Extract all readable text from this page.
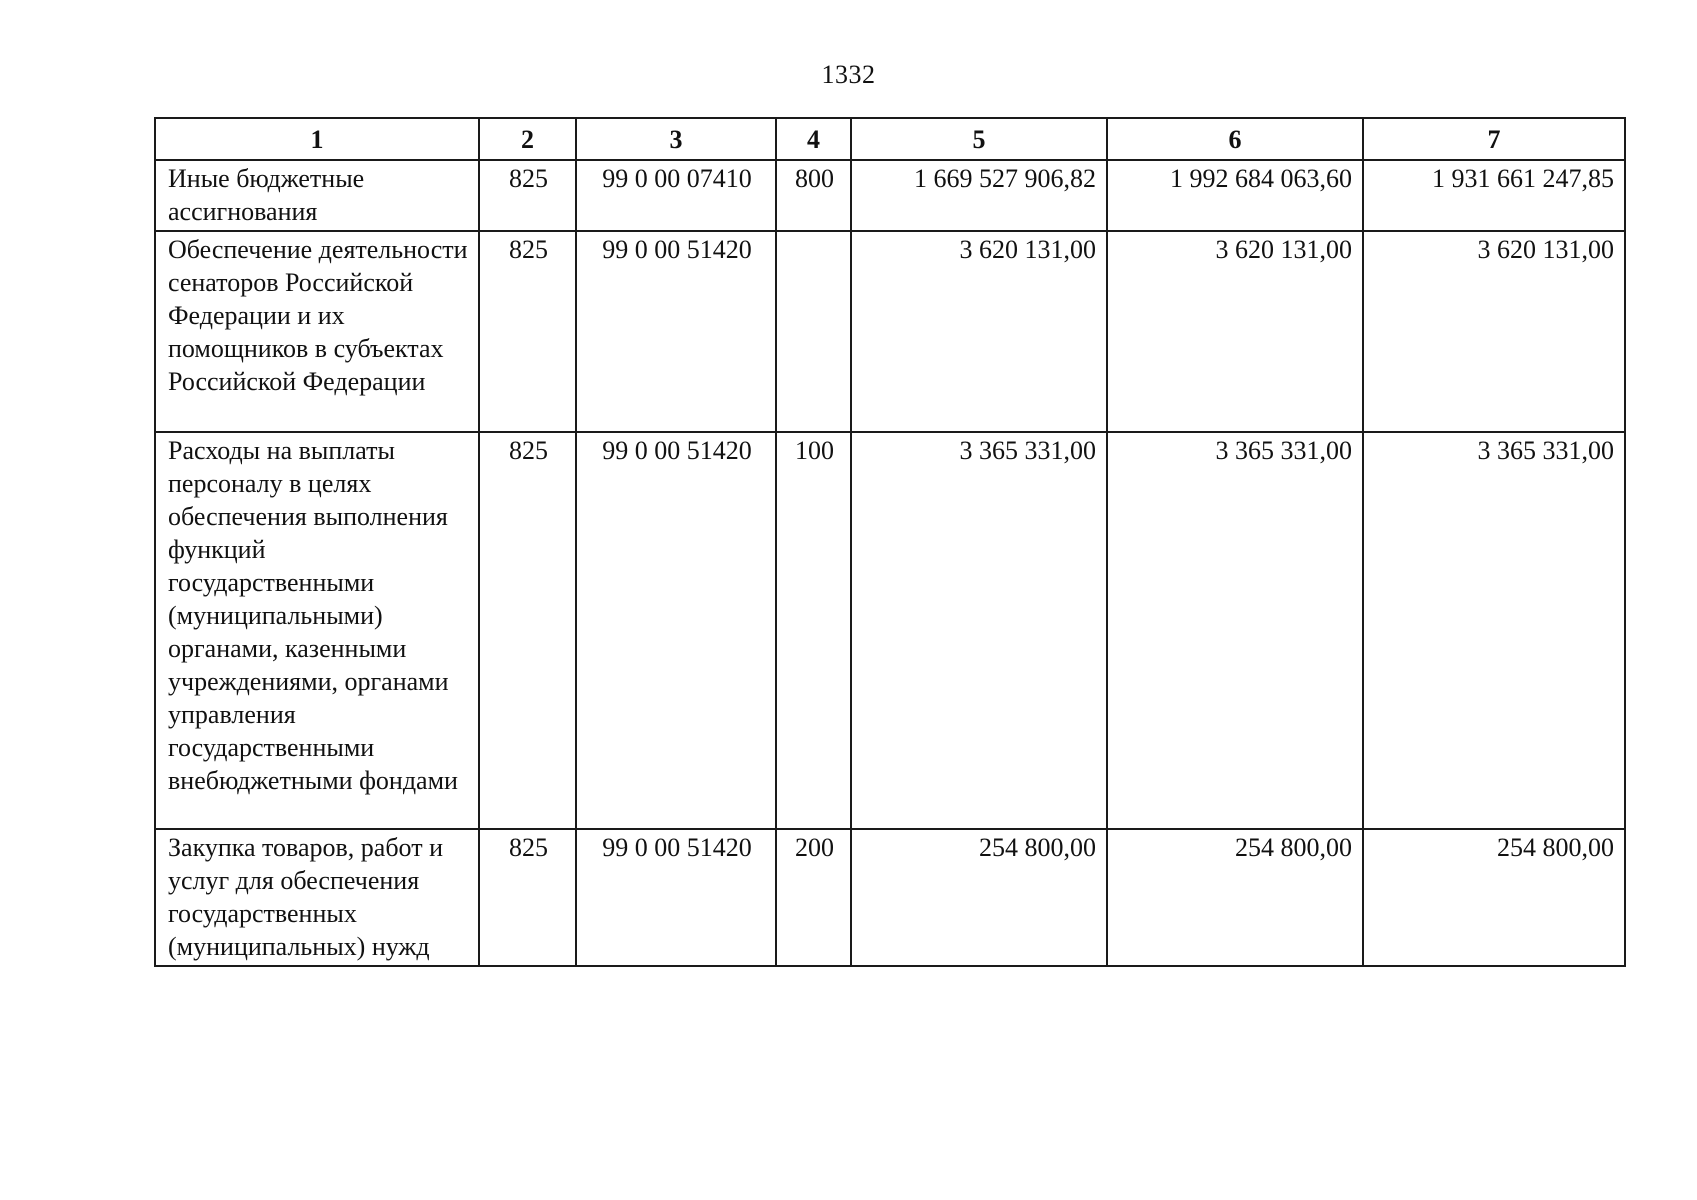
1332
1	2	3	4	5	6	7
Иные бюджетные ассигнования	825	99 0 00 07410	800	1 669 527 906,82	1 992 684 063,60	1 931 661 247,85
Обеспечение деятельности сенаторов Российской Федерации и их помощников в субъектах Российской Федерации	825	99 0 00 51420		3 620 131,00	3 620 131,00	3 620 131,00
Расходы на выплаты персоналу в целях обеспечения выполнения функций государственными (муниципальными) органами, казенными учреждениями, органами управления государственными внебюджетными фондами	825	99 0 00 51420	100	3 365 331,00	3 365 331,00	3 365 331,00
Закупка товаров, работ и услуг для обеспечения государственных (муниципальных) нужд	825	99 0 00 51420	200	254 800,00	254 800,00	254 800,00
